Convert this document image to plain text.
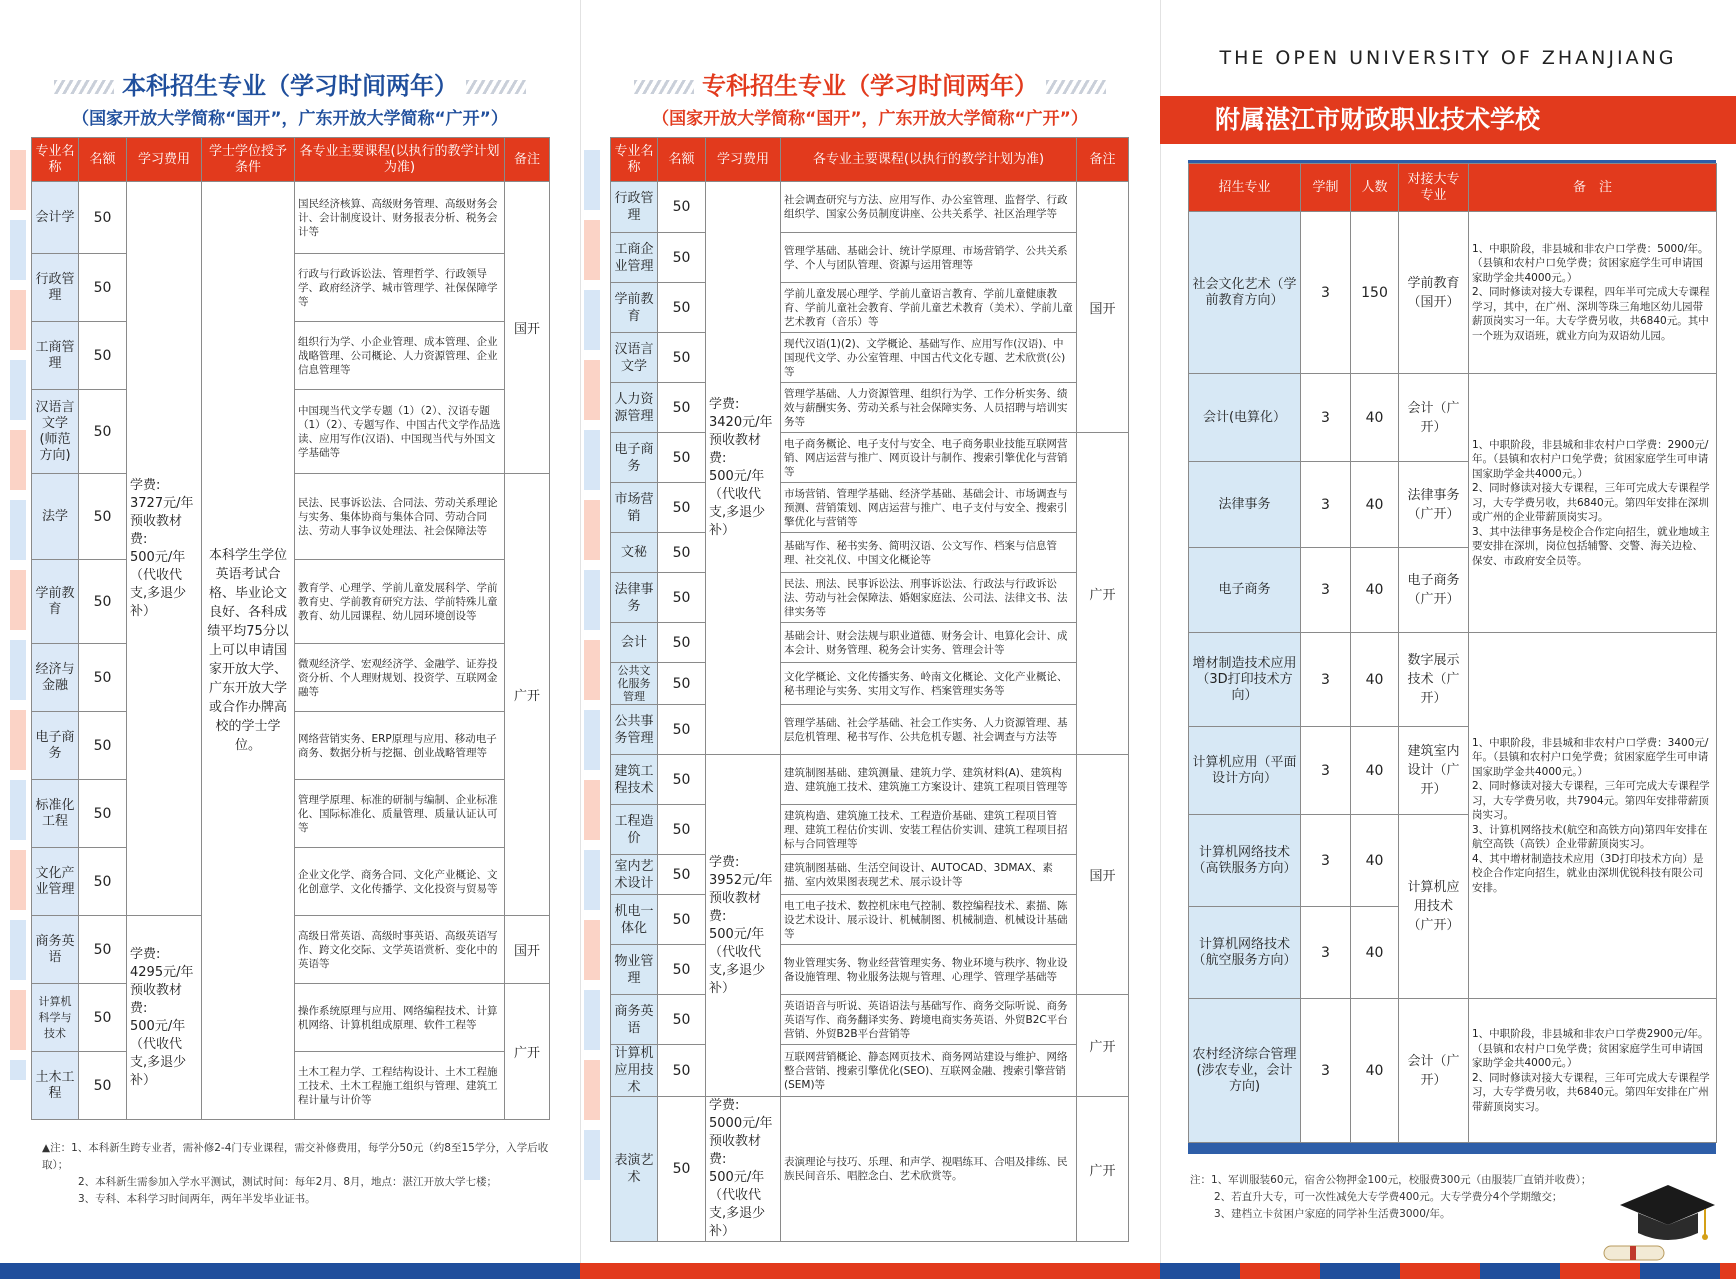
本科招生专业（学习时间两年）
（国家开放大学简称“国开”，广东开放大学简称“广开”）
专业名称	名额	学习费用	学士学位授予条件	各专业主要课程(以执行的教学计划为准)	备注
会计学	50	学费:
3727元/年
预收教材费:
500元/年
（代收代支,多退少补）	本科学生学位英语考试合格、毕业论文良好、各科成绩平均75分以上可以申请国家开放大学、广东开放大学或合作办牌高校的学士学位。	国民经济核算、高级财务管理、高级财务会计、会计制度设计、财务报表分析、税务会计等	国开
行政管理	50			行政与行政诉讼法、管理哲学、行政领导学、政府经济学、城市管理学、社保保障学等	
工商管理	50			组织行为学、小企业管理、成本管理、企业战略管理、公司概论、人力资源管理、企业信息管理等	
汉语言文学(师范方向)	50			中国现当代文学专题（1）（2）、汉语专题（1）（2）、专题写作、中国古代文学作品选读、应用写作(汉语)、中国现当代与外国文学基础等	
法学	50			民法、民事诉讼法、合同法、劳动关系理论与实务、集体协商与集体合同、劳动合同法、劳动人事争议处理法、社会保障法等	广开
学前教育	50			教育学、心理学、学前儿童发展科学、学前教育史、学前教育研究方法、学前特殊儿童教育、幼儿园课程、幼儿园环境创设等	
经济与金融	50			微观经济学、宏观经济学、金融学、证券投资分析、个人理财规划、投资学、互联网金融等	
电子商务	50			网络营销实务、ERP原理与应用、移动电子商务、数据分析与挖掘、创业战略管理等	
标准化工程	50			管理学原理、标准的研制与编制、企业标准化、国际标准化、质量管理、质量认证认可等	
文化产业管理	50			企业文化学、商务合同、文化产业概论、文化创意学、文化传播学、文化投资与贸易等	
商务英语	50	学费:
4295元/年
预收教材费:
500元/年
（代收代支,多退少补）		高级日常英语、高级时事英语、高级英语写作、跨文化交际、文学英语赏析、变化中的英语等	国开
计算机科学与技术	50			操作系统原理与应用、网络编程技术、计算机网络、计算机组成原理、软件工程等	广开
土木工程	50			土木工程力学、工程结构设计、土木工程施工技术、土木工程施工组织与管理、建筑工程计量与计价等	
▲注：1、本科新生跨专业者，需补修2-4门专业课程，需交补修费用，每学分50元（约8至15学分，入学后收取）；
2、本科新生需参加入学水平测试，测试时间：每年2月、8月，地点：湛江开放大学七楼；
3、专科、本科学习时间两年，两年半发毕业证书。
专科招生专业（学习时间两年）
（国家开放大学简称“国开”，广东开放大学简称“广开”）
专业名称	名额	学习费用	各专业主要课程(以执行的教学计划为准)	备注
行政管理	50	学费:
3420元/年
预收教材费:
500元/年
（代收代支,多退少补）	社会调查研究与方法、应用写作、办公室管理、监督学、行政组织学、国家公务员制度讲座、公共关系学、社区治理学等	国开
工商企业管理	50		管理学基础、基础会计、统计学原理、市场营销学、公共关系学、个人与团队管理、资源与运用管理等	
学前教育	50		学前儿童发展心理学、学前儿童语言教育、学前儿童健康教育、学前儿童社会教育、学前儿童艺术教育（美术）、学前儿童艺术教育（音乐）等	
汉语言文学	50		现代汉语(1)(2)、文学概论、基础写作、应用写作(汉语)、中国现代文学、办公室管理、中国古代文化专题、艺术欣赏(公)等	
人力资源管理	50		管理学基础、人力资源管理、组织行为学、工作分析实务、绩效与薪酬实务、劳动关系与社会保障实务、人员招聘与培训实务等	
电子商务	50		电子商务概论、电子支付与安全、电子商务职业技能互联网营销、网店运营与推广、网页设计与制作、搜索引擎优化与营销等	广开
市场营销	50		市场营销、管理学基础、经济学基础、基础会计、市场调查与预测、营销策划、网店运营与推广、电子支付与安全、搜索引擎优化与营销等	
文秘	50		基础写作、秘书实务、简明汉语、公文写作、档案与信息管理、社交礼仪、中国文化概论等	
法律事务	50		民法、刑法、民事诉讼法、刑事诉讼法、行政法与行政诉讼法、劳动与社会保障法、婚姻家庭法、公司法、法律文书、法律实务等	
会计	50		基础会计、财会法规与职业道德、财务会计、电算化会计、成本会计、财务管理、税务会计实务、管理会计等	
公共文化服务管理	50		文化学概论、文化传播实务、岭南文化概论、文化产业概论、秘书理论与实务、实用文写作、档案管理实务等	
公共事务管理	50		管理学基础、社会学基础、社会工作实务、人力资源管理、基层危机管理、秘书写作、公共危机专题、社会调查与方法等	
建筑工程技术	50	学费:
3952元/年
预收教材费:
500元/年
（代收代支,多退少补）	建筑制图基础、建筑测量、建筑力学、建筑材料(A)、建筑构造、建筑施工技术、建筑施工方案设计、建筑工程项目管理等	国开
工程造价	50		建筑构造、建筑施工技术、工程造价基础、建筑工程项目管理、建筑工程估价实训、安装工程估价实训、建筑工程项目招标与合同管理等	
室内艺术设计	50		建筑制图基础、生活空间设计、AUTOCAD、3DMAX、素描、室内效果图表现艺术、展示设计等	
机电一体化	50		电工电子技术、数控机床电气控制、数控编程技术、素描、陈设艺术设计、展示设计、机械制图、机械制造、机械设计基础等	
物业管理	50		物业管理实务、物业经营管理实务、物业环境与秩序、物业设备设施管理、物业服务法规与管理、心理学、管理学基础等	
商务英语	50		英语语音与听说、英语语法与基础写作、商务交际听说、商务英语写作、商务翻译实务、跨境电商实务英语、外贸B2C平台营销、外贸B2B平台营销等	广开
计算机应用技术	50		互联网营销概论、静态网页技术、商务网站建设与维护、网络整合营销、搜索引擎优化(SEO)、互联网金融、搜索引擎营销(SEM)等	
表演艺术	50	学费:
5000元/年
预收教材费:
500元/年
（代收代支,多退少补）	表演理论与技巧、乐理、和声学、视唱练耳、合唱及排练、民族民间音乐、唱腔念白、艺术欣赏等。	广开
THE OPEN UNIVERSITY OF ZHANJIANG
附属湛江市财政职业技术学校
招生专业	学制	人数	对接大专专业	备　注
社会文化艺术（学前教育方向）	3	150	学前教育（国开）	1、中职阶段，非县城和非农户口学费：5000/年。（县镇和农村户口免学费；贫困家庭学生可申请国家助学金共4000元。）
2、同时修读对接大专课程，四年半可完成大专课程学习，其中，在广州、深圳等珠三角地区幼儿园带薪顶岗实习一年。大专学费另收，共6840元。其中一个班为双语班，就业方向为双语幼儿园。
会计(电算化）	3	40	会计（广开）	1、中职阶段，非县城和非农村户口学费：2900元/年。（县镇和农村户口免学费；贫困家庭学生可申请国家助学金共4000元。）
2、同时修读对接大专课程，三年可完成大专课程学习，大专学费另收，共6840元。第四年安排在深圳或广州的企业带薪顶岗实习。
3、其中法律事务是校企合作定向招生，就业地域主要安排在深圳，岗位包括辅警、交警、海关边检、保安、市政府安全员等。
法律事务	3	40	法律事务（广开）	
电子商务	3	40	电子商务（广开）	
增材制造技术应用（3D打印技术方向）	3	40	数字展示技术（广开）	1、中职阶段，非县城和非农村户口学费：3400元/年。（县镇和农村户口免学费；贫困家庭学生可申请国家助学金共4000元。）
2、同时修读对接大专课程，三年可完成大专课程学习，大专学费另收，共7904元。第四年安排带薪顶岗实习。
3、计算机网络技术(航空和高铁方向)第四年安排在航空高铁（高铁）企业带薪顶岗实习。
4、其中增材制造技术应用（3D打印技术方向）是校企合作定向招生，就业由深圳优锐科技有限公司安排。
计算机应用（平面设计方向）	3	40	建筑室内设计（广开）	
计算机网络技术（高铁服务方向）	3	40	计算机应用技术（广开）	
计算机网络技术（航空服务方向）	3	40		
农村经济综合管理(涉农专业，会计方向)	3	40	会计（广开）	1、中职阶段，非县城和非农户口学费2900元/年。（县镇和农村户口免学费；贫困家庭学生可申请国家助学金共4000元。）
2、同时修读对接大专课程，三年可完成大专课程学习，大专学费另收，共6840元。第四年安排在广州带薪顶岗实习。
注：1、军训服装60元，宿舍公物押金100元，校服费300元（由服装厂直销并收费）；
2、若直升大专，可一次性减免大专学费400元。大专学费分4个学期缴交；
3、建档立卡贫困户家庭的同学补生活费3000/年。
